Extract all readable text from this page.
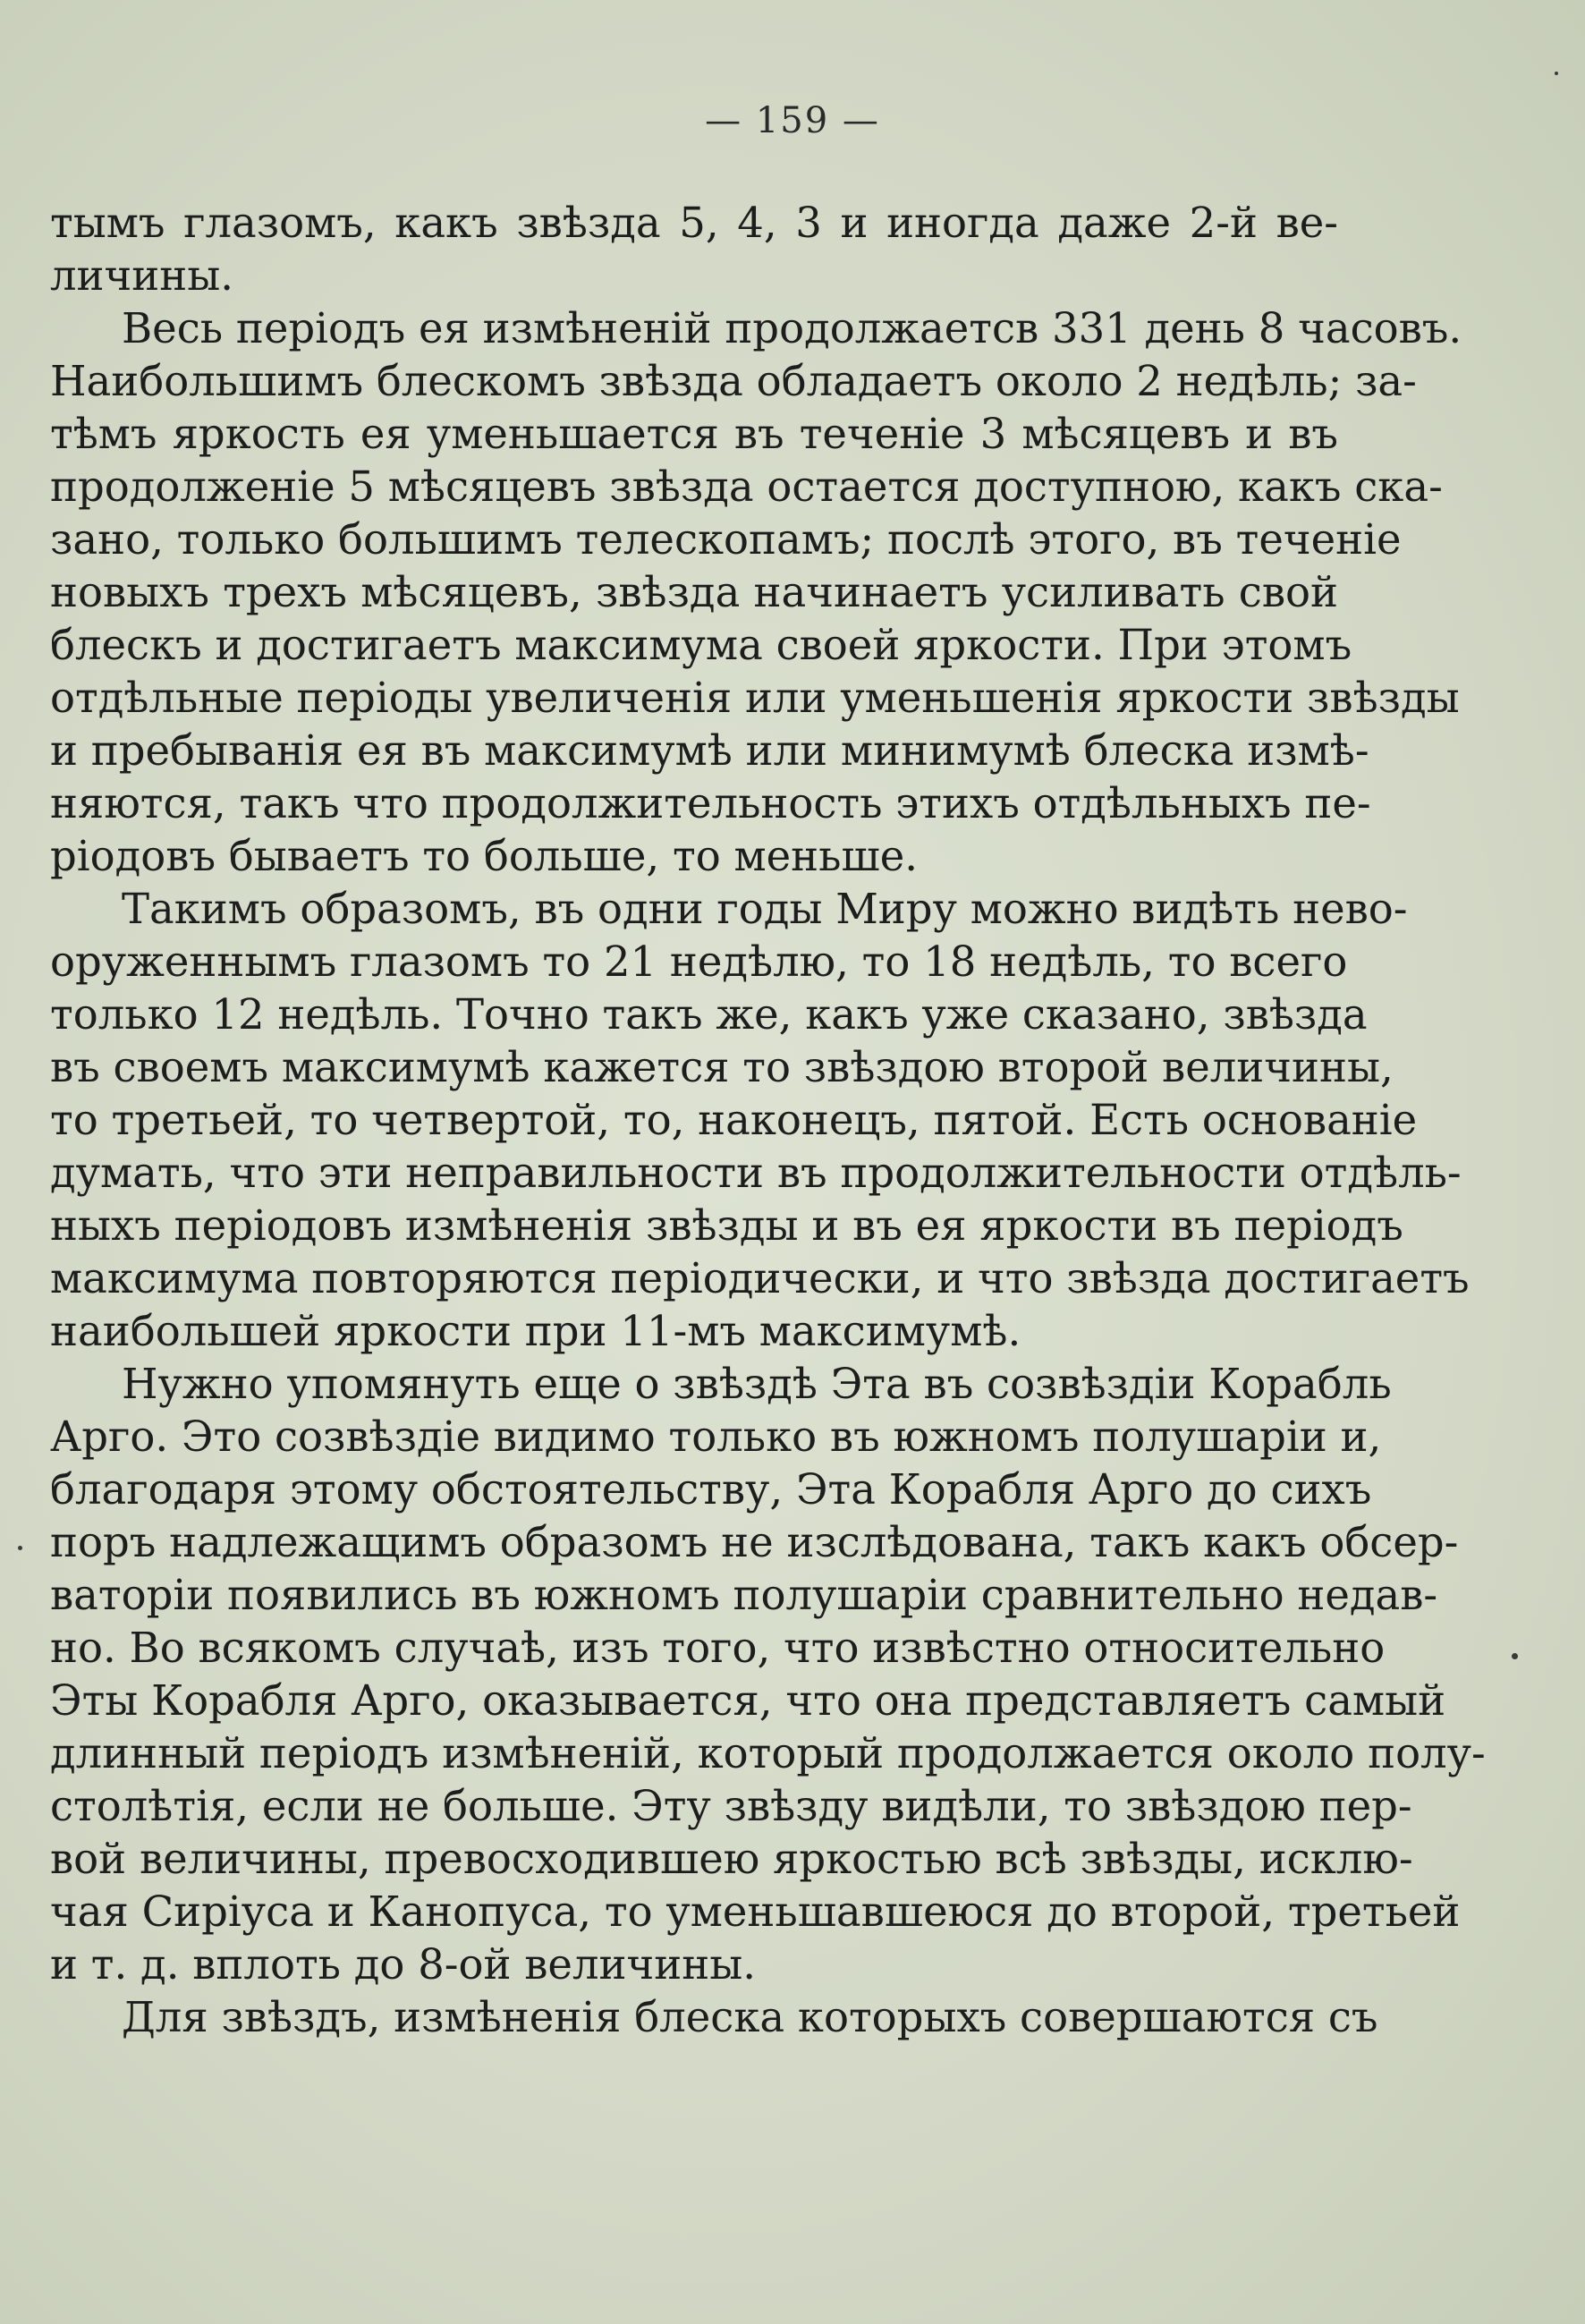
— 159 —
тымъ глазомъ, какъ звѣзда 5, 4, 3 и иногда даже 2-й ве-
личины.
Весь періодъ ея измѣненій продолжаетсв 331 день 8 часовъ.
Наибольшимъ блескомъ звѣзда обладаетъ около 2 недѣль; за-
тѣмъ яркость ея уменьшается въ теченіе 3 мѣсяцевъ и въ
продолженіе 5 мѣсяцевъ звѣзда остается доступною, какъ ска-
зано, только большимъ телескопамъ; послѣ этого, въ теченіе
новыхъ трехъ мѣсяцевъ, звѣзда начинаетъ усиливать свой
блескъ и достигаетъ максимума своей яркости. При этомъ
отдѣльные періоды увеличенія или уменьшенія яркости звѣзды
и пребыванія ея въ максимумѣ или минимумѣ блеска измѣ-
няются, такъ что продолжительность этихъ отдѣльныхъ пе-
ріодовъ бываетъ то больше, то меньше.
Такимъ образомъ, въ одни годы Миру можно видѣть нево-
оруженнымъ глазомъ то 21 недѣлю, то 18 недѣль, то всего
только 12 недѣль. Точно такъ же, какъ уже сказано, звѣзда
въ своемъ максимумѣ кажется то звѣздою второй величины,
то третьей, то четвертой, то, наконецъ, пятой. Есть основаніе
думать, что эти неправильности въ продолжительности отдѣль-
ныхъ періодовъ измѣненія звѣзды и въ ея яркости въ періодъ
максимума повторяются періодически, и что звѣзда достигаетъ
наибольшей яркости при 11-мъ максимумѣ.
Нужно упомянуть еще о звѣздѣ Эта въ созвѣздіи Корабль
Арго. Это созвѣздіе видимо только въ южномъ полушаріи и,
благодаря этому обстоятельству, Эта Корабля Арго до сихъ
поръ надлежащимъ образомъ не изслѣдована, такъ какъ обсер-
ваторіи появились въ южномъ полушаріи сравнительно недав-
но. Во всякомъ случаѣ, изъ того, что извѣстно относительно
Эты Корабля Арго, оказывается, что она представляетъ самый
длинный періодъ измѣненій, который продолжается около полу-
столѣтія, если не больше. Эту звѣзду видѣли, то звѣздою пер-
вой величины, превосходившею яркостью всѣ звѣзды, исклю-
чая Сиріуса и Канопуса, то уменьшавшеюся до второй, третьей
и т. д. вплоть до 8-ой величины.
Для звѣздъ, измѣненія блеска которыхъ совершаются съ
